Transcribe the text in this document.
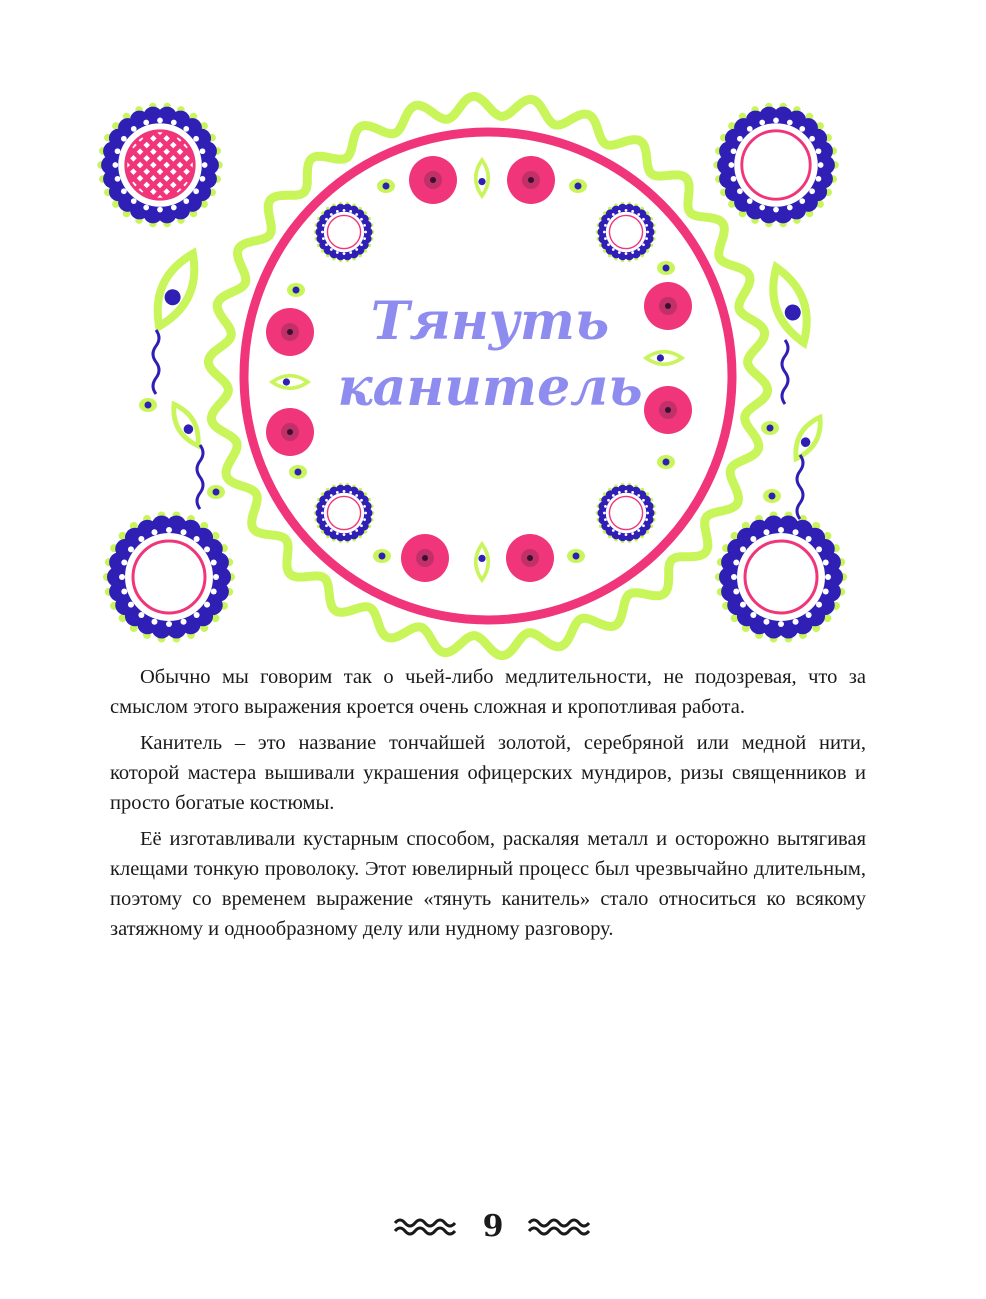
Тянуть
канитель

Обычно мы говорим так о чьей-либо медлительности, не подозревая, что за смыслом этого выражения кроется очень сложная и кропотливая работа.

Канитель – это название тончайшей золотой, серебряной или медной нити, которой мастера вышивали украшения офицерских мундиров, ризы священников и просто богатые костюмы.

Её изготавливали кустарным способом, раскаляя металл и осторожно вытягивая клещами тонкую проволоку. Этот ювелирный процесс был чрезвычайно длительным, поэтому со временем выражение «тянуть канитель» стало относиться ко всякому затяжному и однообразному делу или нудному разговору.

9
